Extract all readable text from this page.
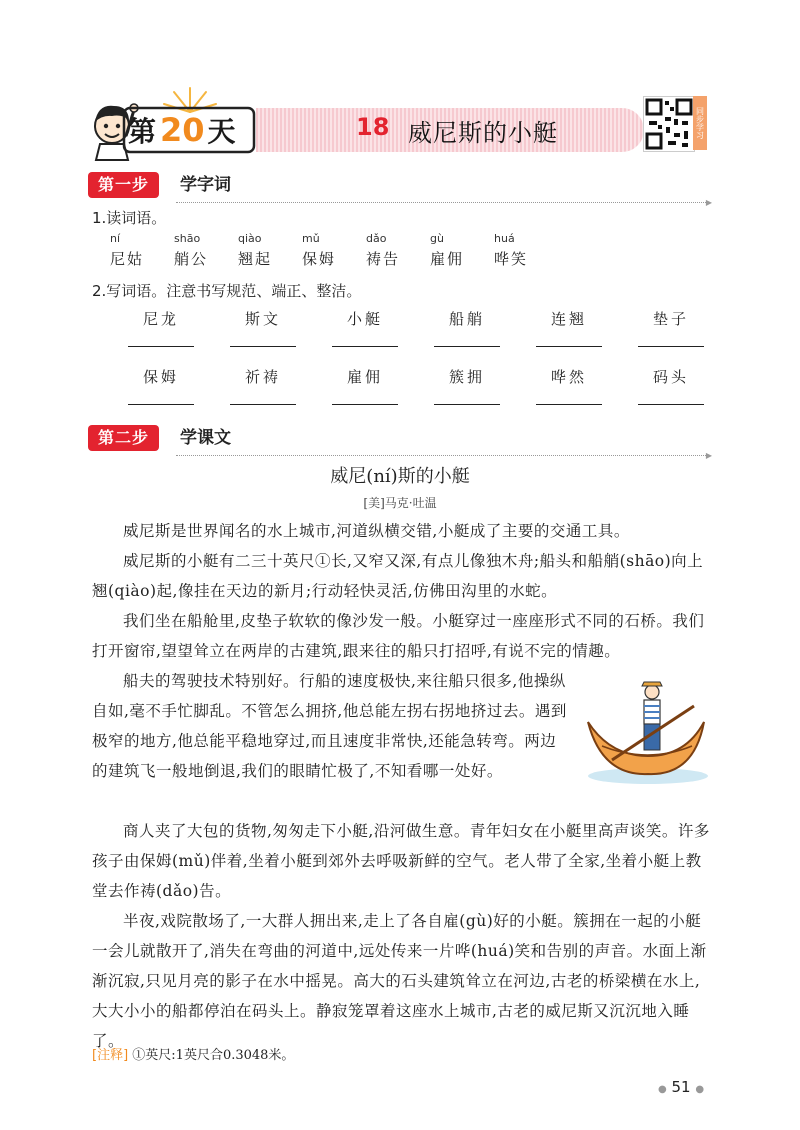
第 20 天	18 威尼斯的小艇	同步学习
第一步	学字词
▶
1.读词语。
ní
尼姑
shāo
艄公
qiào
翘起
mǔ
保姆
dǎo
祷告
gù
雇佣
huá
哗笑
2.写词语。注意书写规范、端正、整洁。
尼龙	斯文	小艇	船艄	连翘	垫子
保姆	祈祷	雇佣	簇拥	哗然	码头
第二步	学课文
▶
威尼(ní)斯的小艇
[美]马克·吐温
威尼斯是世界闻名的水上城市,河道纵横交错,小艇成了主要的交通工具。
威尼斯的小艇有二三十英尺①长,又窄又深,有点儿像独木舟;船头和船艄(shāo)向上翘(qiào)起,像挂在天边的新月;行动轻快灵活,仿佛田沟里的水蛇。
我们坐在船舱里,皮垫子软软的像沙发一般。小艇穿过一座座形式不同的石桥。我们打开窗帘,望望耸立在两岸的古建筑,跟来往的船只打招呼,有说不完的情趣。
船夫的驾驶技术特别好。行船的速度极快,来往船只很多,他操纵自如,毫不手忙脚乱。不管怎么拥挤,他总能左拐右拐地挤过去。遇到极窄的地方,他总能平稳地穿过,而且速度非常快,还能急转弯。两边的建筑飞一般地倒退,我们的眼睛忙极了,不知看哪一处好。
商人夹了大包的货物,匆匆走下小艇,沿河做生意。青年妇女在小艇里高声谈笑。许多孩子由保姆(mǔ)伴着,坐着小艇到郊外去呼吸新鲜的空气。老人带了全家,坐着小艇上教堂去作祷(dǎo)告。
半夜,戏院散场了,一大群人拥出来,走上了各自雇(gù)好的小艇。簇拥在一起的小艇一会儿就散开了,消失在弯曲的河道中,远处传来一片哗(huá)笑和告别的声音。水面上渐渐沉寂,只见月亮的影子在水中摇晃。高大的石头建筑耸立在河边,古老的桥梁横在水上,大大小小的船都停泊在码头上。静寂笼罩着这座水上城市,古老的威尼斯又沉沉地入睡了。
[注释] ①英尺:1英尺合0.3048米。
● 51 ●
